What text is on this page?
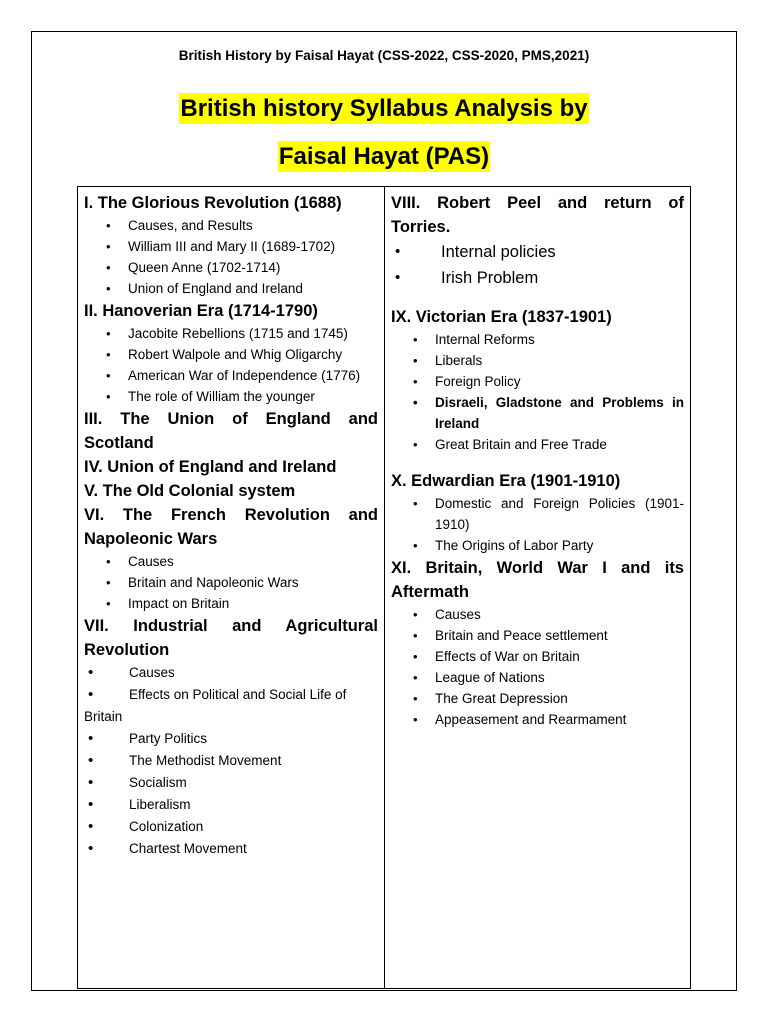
British History by Faisal Hayat (CSS-2022, CSS-2020, PMS,2021)
British history Syllabus Analysis by
Faisal Hayat (PAS)
I. The Glorious Revolution (1688)
• Causes, and Results
• William III and Mary II (1689-1702)
• Queen Anne (1702-1714)
• Union of England and Ireland
II. Hanoverian Era (1714-1790)
• Jacobite Rebellions (1715 and 1745)
• Robert Walpole and Whig Oligarchy
• American War of Independence (1776)
• The role of William the younger
III. The Union of England and Scotland
IV. Union of England and Ireland
V. The Old Colonial system
VI. The French Revolution and Napoleonic Wars
• Causes
• Britain and Napoleonic Wars
• Impact on Britain
VII. Industrial and Agricultural Revolution
• Causes
• Effects on Political and Social Life of Britain
• Party Politics
• The Methodist Movement
• Socialism
• Liberalism
• Colonization
• Chartest Movement
VIII. Robert Peel and return of Torries.
• Internal policies
• Irish Problem
IX. Victorian Era (1837-1901)
• Internal Reforms
• Liberals
• Foreign Policy
• Disraeli, Gladstone and Problems in Ireland
• Great Britain and Free Trade
X. Edwardian Era (1901-1910)
• Domestic and Foreign Policies (1901-1910)
• The Origins of Labor Party
XI. Britain, World War I and its Aftermath
• Causes
• Britain and Peace settlement
• Effects of War on Britain
• League of Nations
• The Great Depression
• Appeasement and Rearmament
